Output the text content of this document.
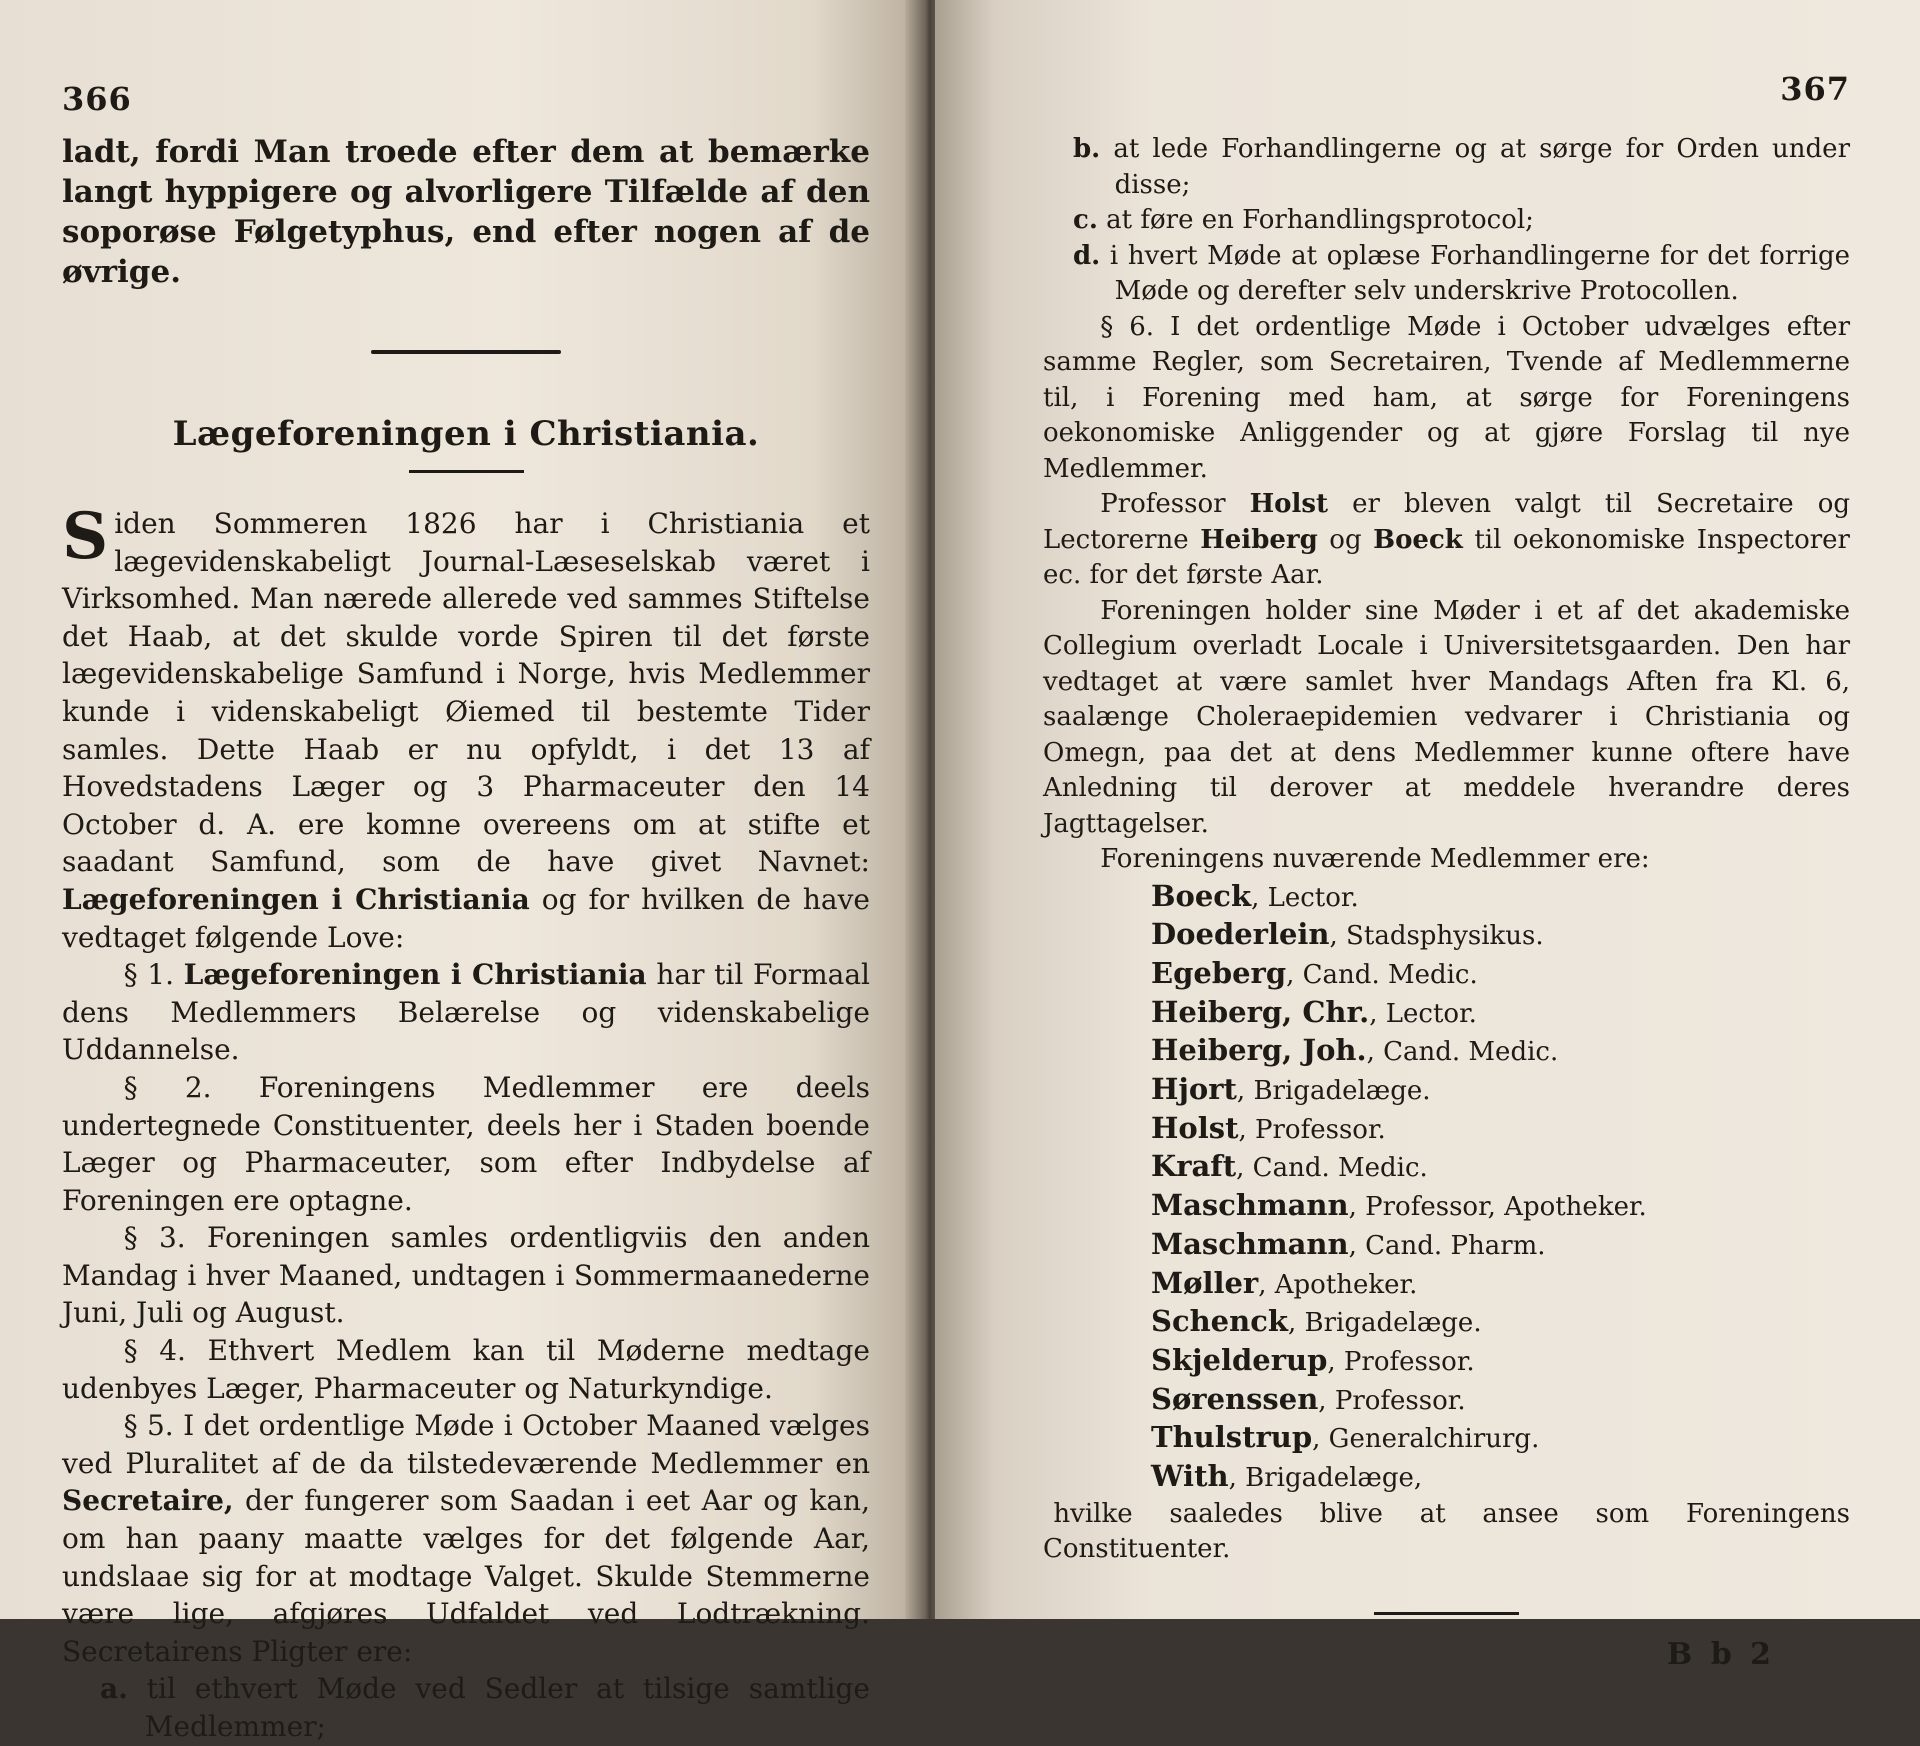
366

ladt, fordi Man troede efter dem at bemærke langt hyppigere og alvorligere Tilfælde af den soporøse Følgetyphus, end efter nogen af de øvrige.

Lægeforeningen i Christiania.

Siden Sommeren 1826 har i Christiania et lægevidenskabeligt Journal-Læseselskab været i Virksomhed. Man nærede allerede ved sammes Stiftelse det Haab, at det skulde vorde Spiren til det første lægevidenskabelige Samfund i Norge, hvis Medlemmer kunde i videnskabeligt Øiemed til bestemte Tider samles. Dette Haab er nu opfyldt, i det 13 af Hovedstadens Læger og 3 Pharmaceuter den 14 October d. A. ere komne overeens om at stifte et saadant Samfund, som de have givet Navnet: Lægeforeningen i Christiania og for hvilken de have vedtaget følgende Love:

§ 1. Lægeforeningen i Christiania har til Formaal dens Medlemmers Belærelse og videnskabelige Uddannelse.

§ 2. Foreningens Medlemmer ere deels undertegnede Constituenter, deels her i Staden boende Læger og Pharmaceuter, som efter Indbydelse af Foreningen ere optagne.

§ 3. Foreningen samles ordentligviis den anden Mandag i hver Maaned, undtagen i Sommermaanederne Juni, Juli og August.

§ 4. Ethvert Medlem kan til Møderne medtage udenbyes Læger, Pharmaceuter og Naturkyndige.

§ 5. I det ordentlige Møde i October Maaned vælges ved Pluralitet af de da tilstedeværende Medlemmer en Secretaire, der fungerer som Saadan i eet Aar og kan, om han paany maatte vælges for det følgende Aar, undslaae sig for at modtage Valget. Skulde Stemmerne være lige, afgjøres Udfaldet ved Lodtrækning. Secretairens Pligter ere:

a. til ethvert Møde ved Sedler at tilsige samtlige Medlemmer;

367

b. at lede Forhandlingerne og at sørge for Orden under disse;

c. at føre en Forhandlingsprotocol;

d. i hvert Møde at oplæse Forhandlingerne for det forrige Møde og derefter selv underskrive Protocollen.

§ 6. I det ordentlige Møde i October udvælges efter samme Regler, som Secretairen, Tvende af Medlemmerne til, i Forening med ham, at sørge for Foreningens oekonomiske Anliggender og at gjøre Forslag til nye Medlemmer.

Professor Holst er bleven valgt til Secretaire og Lectorerne Heiberg og Boeck til oekonomiske Inspectorer ec. for det første Aar.

Foreningen holder sine Møder i et af det akademiske Collegium overladt Locale i Universitetsgaarden. Den har vedtaget at være samlet hver Mandags Aften fra Kl. 6, saalænge Choleraepidemien vedvarer i Christiania og Omegn, paa det at dens Medlemmer kunne oftere have Anledning til derover at meddele hverandre deres Jagttagelser.

Foreningens nuværende Medlemmer ere:

Boeck, Lector.
Doederlein, Stadsphysikus.
Egeberg, Cand. Medic.
Heiberg, Chr., Lector.
Heiberg, Joh., Cand. Medic.
Hjort, Brigadelæge.
Holst, Professor.
Kraft, Cand. Medic.
Maschmann, Professor, Apotheker.
Maschmann, Cand. Pharm.
Møller, Apotheker.
Schenck, Brigadelæge.
Skjelderup, Professor.
Sørenssen, Professor.
Thulstrup, Generalchirurg.
With, Brigadelæge,

hvilke saaledes blive at ansee som Foreningens Constituenter.

B b 2
